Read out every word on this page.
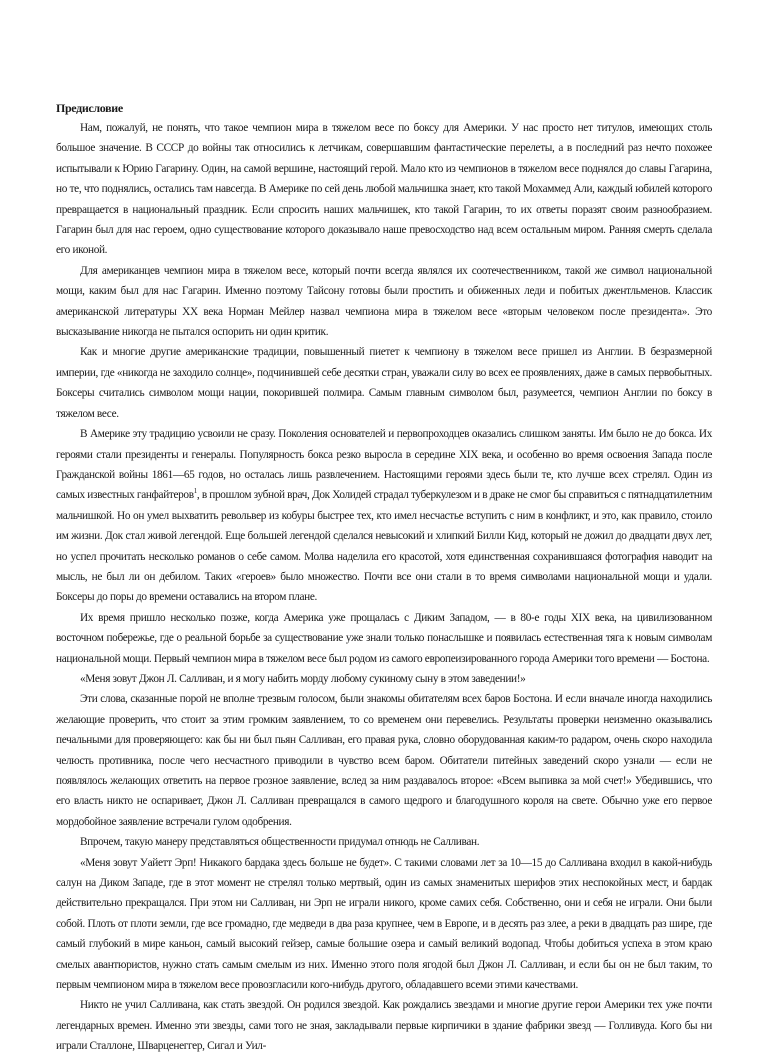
Предисловие

Нам, пожалуй, не понять, что такое чемпион мира в тяжелом весе по боксу для Америки. У нас просто нет титулов, имеющих столь большое значение. В СССР до войны так относились к летчикам, совершавшим фантастические перелеты, а в последний раз нечто похожее испытывали к Юрию Гагарину. Один, на самой вершине, настоящий герой. Мало кто из чемпионов в тяжелом весе поднялся до славы Гагарина, но те, что поднялись, остались там навсегда. В Америке по сей день любой мальчишка знает, кто такой Мохаммед Али, каждый юбилей которого превращается в национальный праздник. Если спросить наших мальчишек, кто такой Гагарин, то их ответы поразят своим разнообразием. Гагарин был для нас героем, одно существование которого доказывало наше превосходство над всем остальным миром. Ранняя смерть сделала его иконой.

Для американцев чемпион мира в тяжелом весе, который почти всегда являлся их соотечественником, такой же символ национальной мощи, каким был для нас Гагарин. Именно поэтому Тайсону готовы были простить и обиженных леди и побитых джентльменов. Классик американской литературы XX века Норман Мейлер назвал чемпиона мира в тяжелом весе «вторым человеком после президента». Это высказывание никогда не пытался оспорить ни один критик.

Как и многие другие американские традиции, повышенный пиетет к чемпиону в тяжелом весе пришел из Англии. В безразмерной империи, где «никогда не заходило солнце», подчинившей себе десятки стран, уважали силу во всех ее проявлениях, даже в самых первобытных. Боксеры считались символом мощи нации, покорившей полмира. Самым главным символом был, разумеется, чемпион Англии по боксу в тяжелом весе.

В Америке эту традицию усвоили не сразу. Поколения основателей и первопроходцев оказались слишком заняты. Им было не до бокса. Их героями стали президенты и генералы. Популярность бокса резко выросла в середине XIX века, и особенно во время освоения Запада после Гражданской войны 1861—65 годов, но осталась лишь развлечением. Настоящими героями здесь были те, кто лучше всех стрелял. Один из самых известных ганфайтеров$^1$, в прошлом зубной врач, Док Холидей страдал туберкулезом и в драке не смог бы справиться с пятнадцатилетним мальчишкой. Но он умел выхватить револьвер из кобуры быстрее тех, кто имел несчастье вступить с ним в конфликт, и это, как правило, стоило им жизни. Док стал живой легендой. Еще большей легендой сделался невысокий и хлипкий Билли Кид, который не дожил до двадцати двух лет, но успел прочитать несколько романов о себе самом. Молва наделила его красотой, хотя единственная сохранившаяся фотография наводит на мысль, не был ли он дебилом. Таких «героев» было множество. Почти все они стали в то время символами национальной мощи и удали. Боксеры до поры до времени оставались на втором плане.

Их время пришло несколько позже, когда Америка уже прощалась с Диким Западом, — в 80-е годы XIX века, на цивилизованном восточном побережье, где о реальной борьбе за существование уже знали только понаслышке и появилась естественная тяга к новым символам национальной мощи. Первый чемпион мира в тяжелом весе был родом из самого европеизированного города Америки того времени — Бостона.

«Меня зовут Джон Л. Салливан, и я могу набить морду любому сукиному сыну в этом заведении!»

Эти слова, сказанные порой не вполне трезвым голосом, были знакомы обитателям всех баров Бостона. И если вначале иногда находились желающие проверить, что стоит за этим громким заявлением, то со временем они перевелись. Результаты проверки неизменно оказывались печальными для проверяющего: как бы ни был пьян Салливан, его правая рука, словно оборудованная каким-то радаром, очень скоро находила челюсть противника, после чего несчастного приводили в чувство всем баром. Обитатели питейных заведений скоро узнали — если не появлялось желающих ответить на первое грозное заявление, вслед за ним раздавалось второе: «Всем выпивка за мой счет!» Убедившись, что его власть никто не оспаривает, Джон Л. Салливан превращался в самого щедрого и благодушного короля на свете. Обычно уже его первое мордобойное заявление встречали гулом одобрения.

Впрочем, такую манеру представляться общественности придумал отнюдь не Салливан.

«Меня зовут Уайетт Эрп! Никакого бардака здесь больше не будет». С такими словами лет за 10—15 до Салливана входил в какой-нибудь салун на Диком Западе, где в этот момент не стрелял только мертвый, один из самых знаменитых шерифов этих неспокойных мест, и бардак действительно прекращался. При этом ни Салливан, ни Эрп не играли никого, кроме самих себя. Собственно, они и себя не играли. Они были собой. Плоть от плоти земли, где все громадно, где медведи в два раза крупнее, чем в Европе, и в десять раз злее, а реки в двадцать раз шире, где самый глубокий в мире каньон, самый высокий гейзер, самые большие озера и самый великий водопад. Чтобы добиться успеха в этом краю смелых авантюристов, нужно стать самым смелым из них. Именно этого поля ягодой был Джон Л. Салливан, и если бы он не был таким, то первым чемпионом мира в тяжелом весе провозгласили кого-нибудь другого, обладавшего всеми этими качествами.

Никто не учил Салливана, как стать звездой. Он родился звездой. Как рождались звездами и многие другие герои Америки тех уже почти легендарных времен. Именно эти звезды, сами того не зная, закладывали первые кирпичики в здание фабрики звезд — Голливуда. Кого бы ни играли Сталлоне, Шварценеггер, Сигал и Уил-
